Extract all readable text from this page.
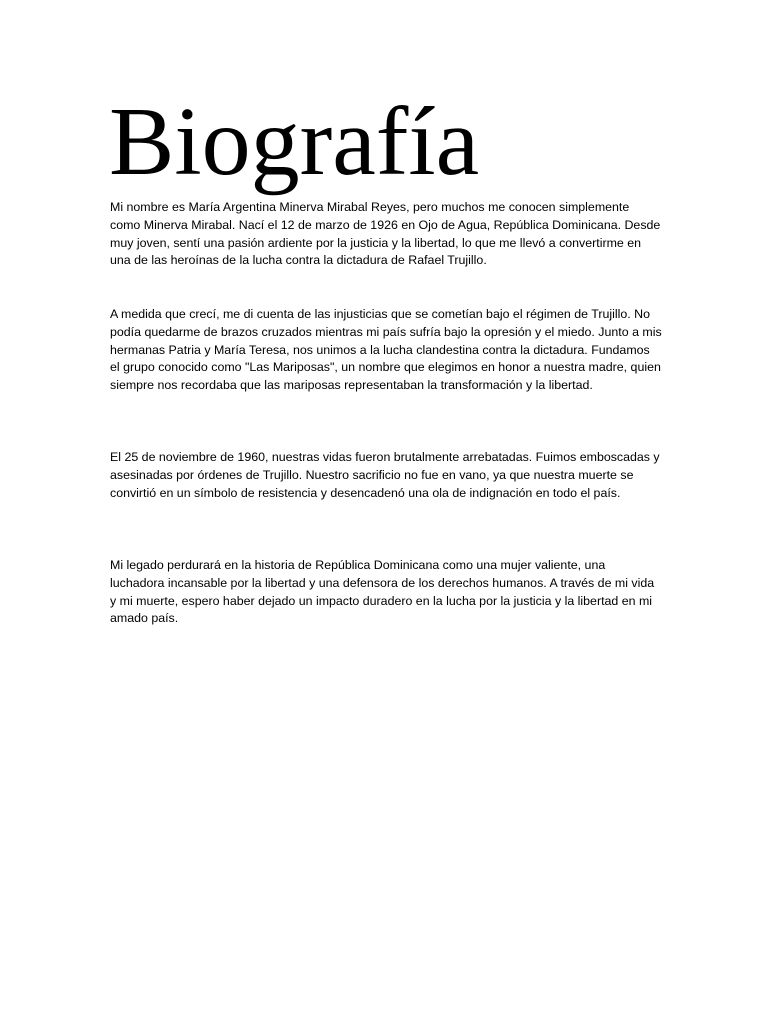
Biografía

Mi nombre es María Argentina Minerva Mirabal Reyes, pero muchos me conocen simplemente como Minerva Mirabal. Nací el 12 de marzo de 1926 en Ojo de Agua, República Dominicana. Desde muy joven, sentí una pasión ardiente por la justicia y la libertad, lo que me llevó a convertirme en una de las heroínas de la lucha contra la dictadura de Rafael Trujillo.

A medida que crecí, me di cuenta de las injusticias que se cometían bajo el régimen de Trujillo. No podía quedarme de brazos cruzados mientras mi país sufría bajo la opresión y el miedo. Junto a mis hermanas Patria y María Teresa, nos unimos a la lucha clandestina contra la dictadura. Fundamos el grupo conocido como "Las Mariposas", un nombre que elegimos en honor a nuestra madre, quien siempre nos recordaba que las mariposas representaban la transformación y la libertad.

El 25 de noviembre de 1960, nuestras vidas fueron brutalmente arrebatadas. Fuimos emboscadas y asesinadas por órdenes de Trujillo. Nuestro sacrificio no fue en vano, ya que nuestra muerte se convirtió en un símbolo de resistencia y desencadenó una ola de indignación en todo el país.

Mi legado perdurará en la historia de República Dominicana como una mujer valiente, una luchadora incansable por la libertad y una defensora de los derechos humanos. A través de mi vida y mi muerte, espero haber dejado un impacto duradero en la lucha por la justicia y la libertad en mi amado país.
